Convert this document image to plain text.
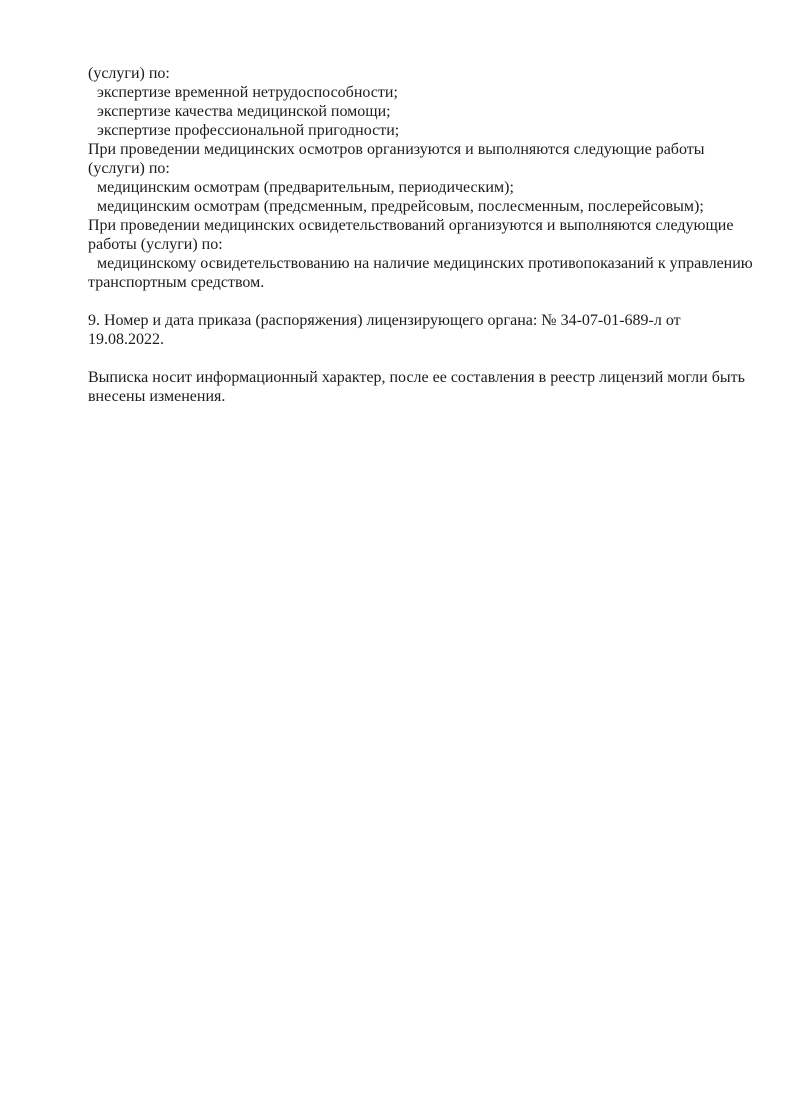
(услуги) по:
экспертизе временной нетрудоспособности;
экспертизе качества медицинской помощи;
экспертизе профессиональной пригодности;
При проведении медицинских осмотров организуются и выполняются следующие работы
(услуги) по:
медицинским осмотрам (предварительным, периодическим);
медицинским осмотрам (предсменным, предрейсовым, послесменным, послерейсовым);
При проведении медицинских освидетельствований организуются и выполняются следующие
работы (услуги) по:
медицинскому освидетельствованию на наличие медицинских противопоказаний к управлению
транспортным средством.
9. Номер и дата приказа (распоряжения) лицензирующего органа: № 34-07-01-689-л от
19.08.2022.
Выписка носит информационный характер, после ее составления в реестр лицензий могли быть
внесены изменения.
